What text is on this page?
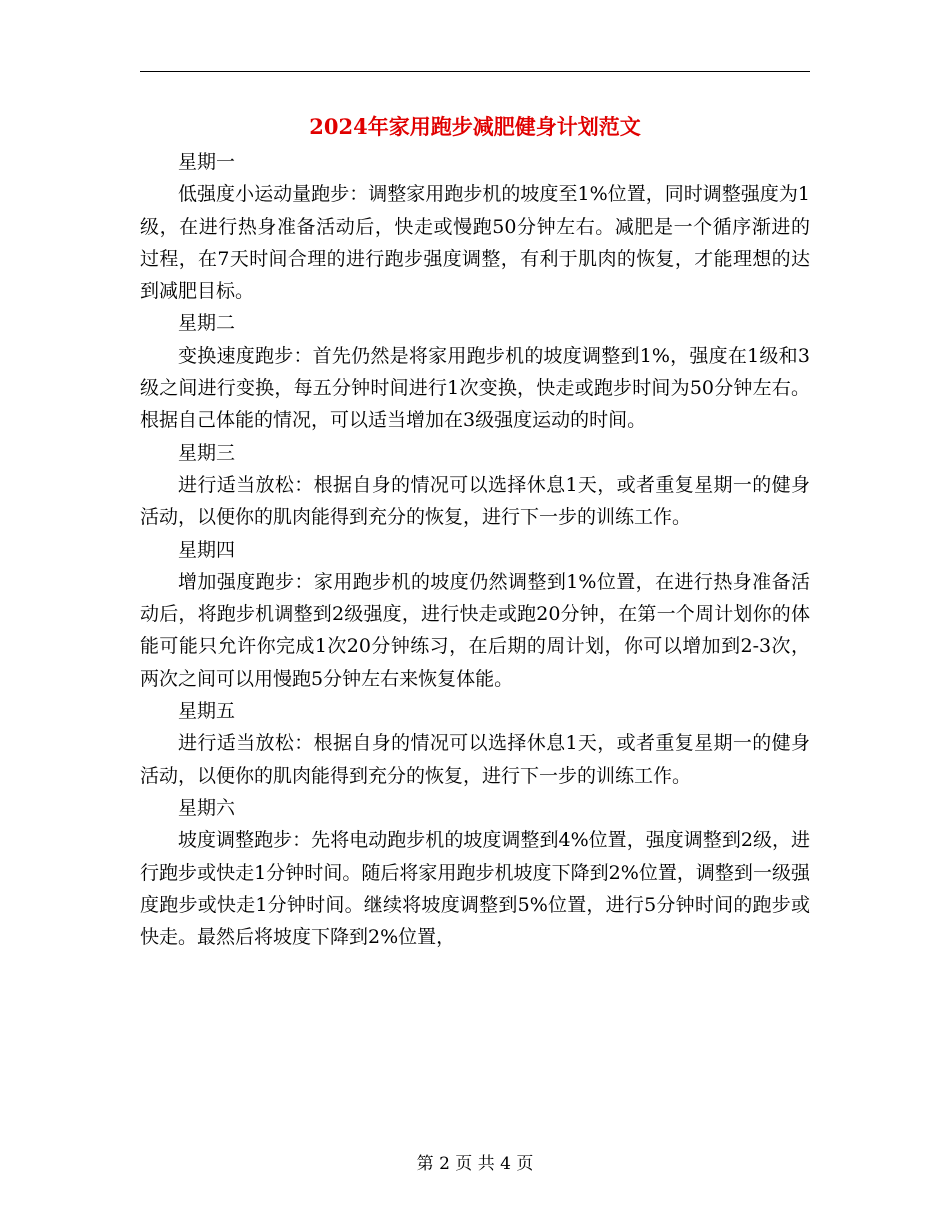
2024年家用跑步减肥健身计划范文

星期一

低强度小运动量跑步：调整家用跑步机的坡度至1%位置，同时调整强度为1级，在进行热身准备活动后，快走或慢跑50分钟左右。减肥是一个循序渐进的过程，在7天时间合理的进行跑步强度调整，有利于肌肉的恢复，才能理想的达到减肥目标。

星期二

变换速度跑步：首先仍然是将家用跑步机的坡度调整到1%，强度在1级和3级之间进行变换，每五分钟时间进行1次变换，快走或跑步时间为50分钟左右。根据自己体能的情况，可以适当增加在3级强度运动的时间。

星期三

进行适当放松：根据自身的情况可以选择休息1天，或者重复星期一的健身活动，以便你的肌肉能得到充分的恢复，进行下一步的训练工作。

星期四

增加强度跑步：家用跑步机的坡度仍然调整到1%位置，在进行热身准备活动后，将跑步机调整到2级强度，进行快走或跑20分钟，在第一个周计划你的体能可能只允许你完成1次20分钟练习，在后期的周计划，你可以增加到2-3次，两次之间可以用慢跑5分钟左右来恢复体能。

星期五

进行适当放松：根据自身的情况可以选择休息1天，或者重复星期一的健身活动，以便你的肌肉能得到充分的恢复，进行下一步的训练工作。

星期六

坡度调整跑步：先将电动跑步机的坡度调整到4%位置，强度调整到2级，进行跑步或快走1分钟时间。随后将家用跑步机坡度下降到2%位置，调整到一级强度跑步或快走1分钟时间。继续将坡度调整到5%位置，进行5分钟时间的跑步或快走。最然后将坡度下降到2%位置，

第 2 页 共 4 页
